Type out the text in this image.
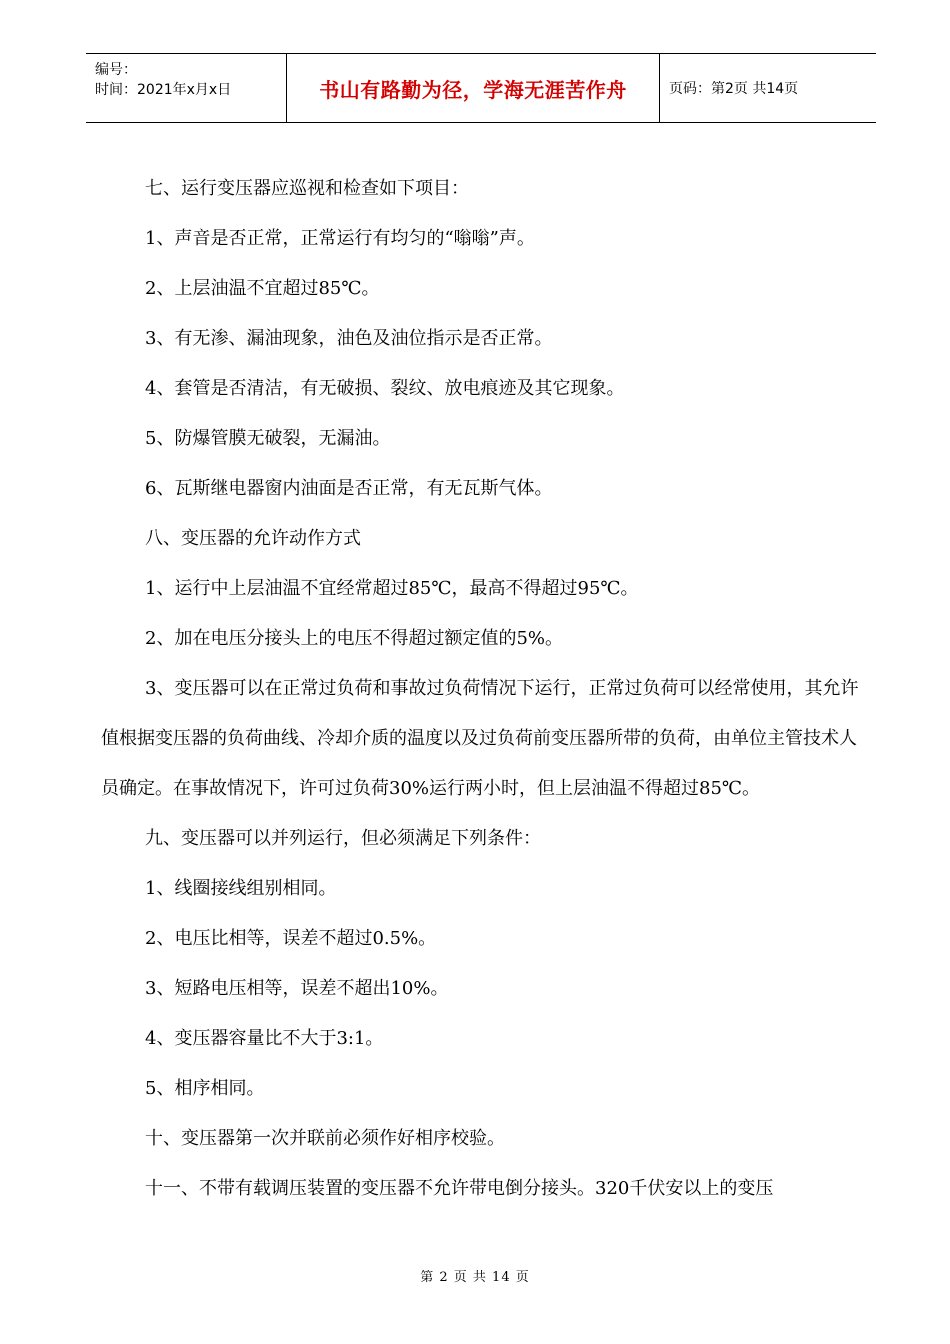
编号：
时间：2021年x月x日	书山有路勤为径，学海无涯苦作舟	页码：第2页 共14页

七、运行变压器应巡视和检查如下项目：

1、声音是否正常，正常运行有均匀的“嗡嗡”声。

2、上层油温不宜超过85℃。

3、有无渗、漏油现象，油色及油位指示是否正常。

4、套管是否清洁，有无破损、裂纹、放电痕迹及其它现象。

5、防爆管膜无破裂，无漏油。

6、瓦斯继电器窗内油面是否正常，有无瓦斯气体。

八、变压器的允许动作方式

1、运行中上层油温不宜经常超过85℃，最高不得超过95℃。

2、加在电压分接头上的电压不得超过额定值的5%。

3、变压器可以在正常过负荷和事故过负荷情况下运行，正常过负荷可以经常使用，其允许值根据变压器的负荷曲线、冷却介质的温度以及过负荷前变压器所带的负荷，由单位主管技术人员确定。在事故情况下，许可过负荷30%运行两小时，但上层油温不得超过85℃。

九、变压器可以并列运行，但必须满足下列条件：

1、线圈接线组别相同。

2、电压比相等，误差不超过0.5%。

3、短路电压相等，误差不超出10%。

4、变压器容量比不大于3:1。

5、相序相同。

十、变压器第一次并联前必须作好相序校验。

十一、不带有载调压装置的变压器不允许带电倒分接头。320千伏安以上的变压

第 2 页 共 14 页
